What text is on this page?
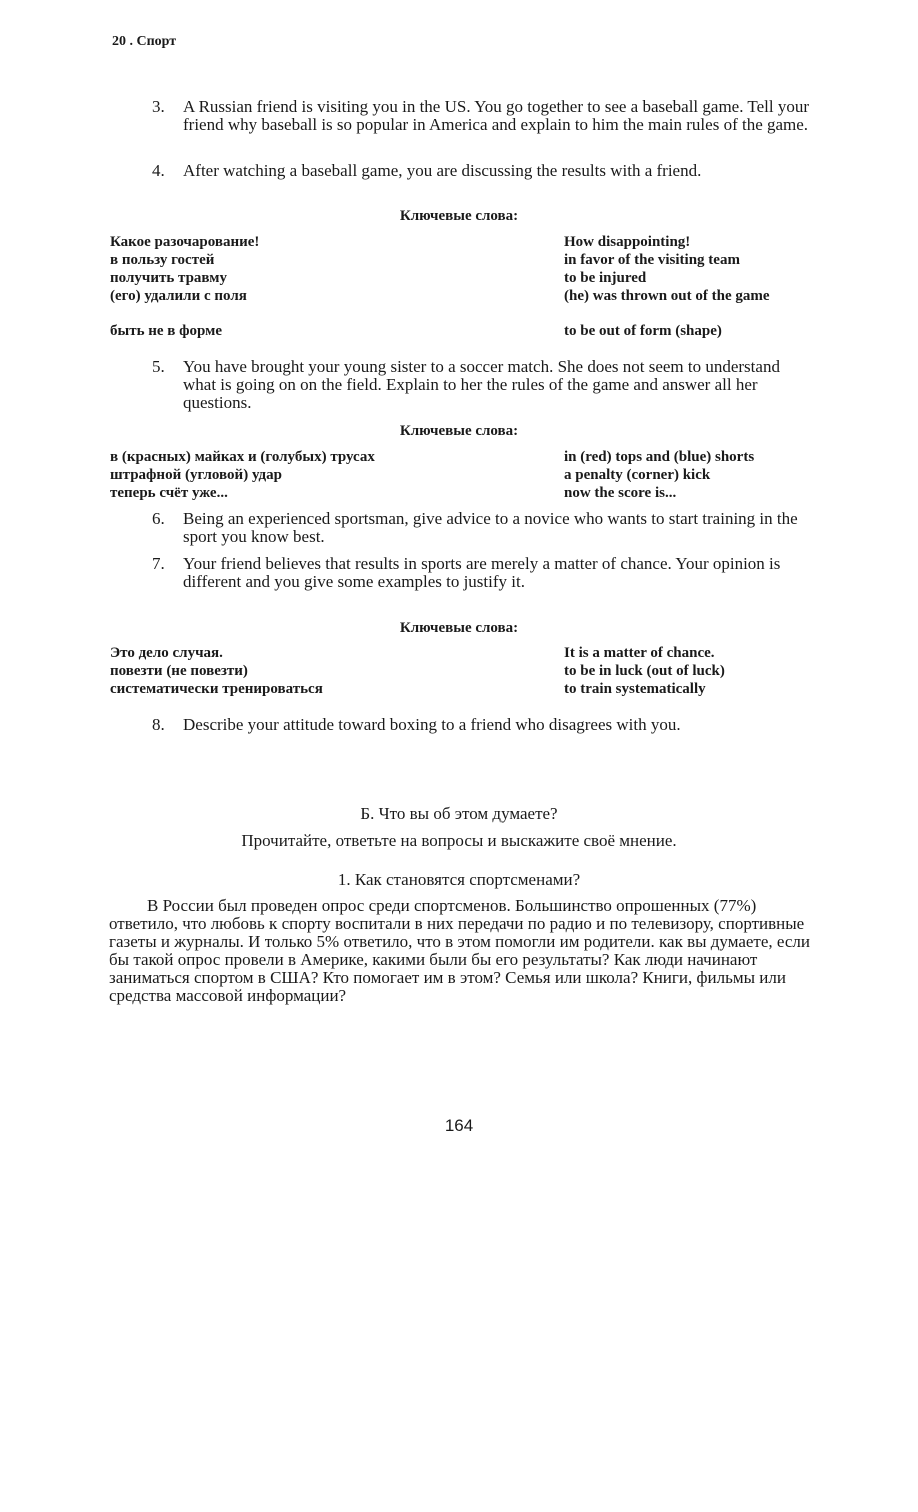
20 . Спорт
3. A Russian friend is visiting you in the US. You go together to see a baseball game. Tell your friend why baseball is so popular in America and explain to him the main rules of the game.
4. After watching a baseball game, you are discussing the results with a friend.
Ключевые слова:
Какое разочарование!	How disappointing!
в пользу гостей	in favor of the visiting team
получить травму	to be injured
(его) удалили с поля	(he) was thrown out of the game
быть не в форме	to be out of form (shape)
5. You have brought your young sister to a soccer match. She does not seem to understand what is going on on the field. Explain to her the rules of the game and answer all her questions.
Ключевые слова:
в (красных) майках и (голубых) трусах	in (red) tops and (blue) shorts
штрафной (угловой) удар	a penalty (corner) kick
теперь счёт уже...	now the score is...
6. Being an experienced sportsman, give advice to a novice who wants to start training in the sport you know best.
7. Your friend believes that results in sports are merely a matter of chance. Your opinion is different and you give some examples to justify it.
Ключевые слова:
Это дело случая.	It is a matter of chance.
повезти (не повезти)	to be in luck (out of luck)
систематически тренироваться	to train systematically
8. Describe your attitude toward boxing to a friend who disagrees with you.
Б. Что вы об этом думаете?
Прочитайте, ответьте на вопросы и выскажите своё мнение.
1. Как становятся спортсменами?
В России был проведен опрос среди спортсменов. Большинство опрошенных (77%) ответило, что любовь к спорту воспитали в них передачи по радио и по телевизору, спортивные газеты и журналы. И только 5% ответило, что в этом помогли им родители. как вы думаете, если бы такой опрос провели в Америке, какими были бы его результаты? Как люди начинают заниматься спортом в США? Кто помогает им в этом? Семья или школа? Книги, фильмы или средства массовой информации?
164
